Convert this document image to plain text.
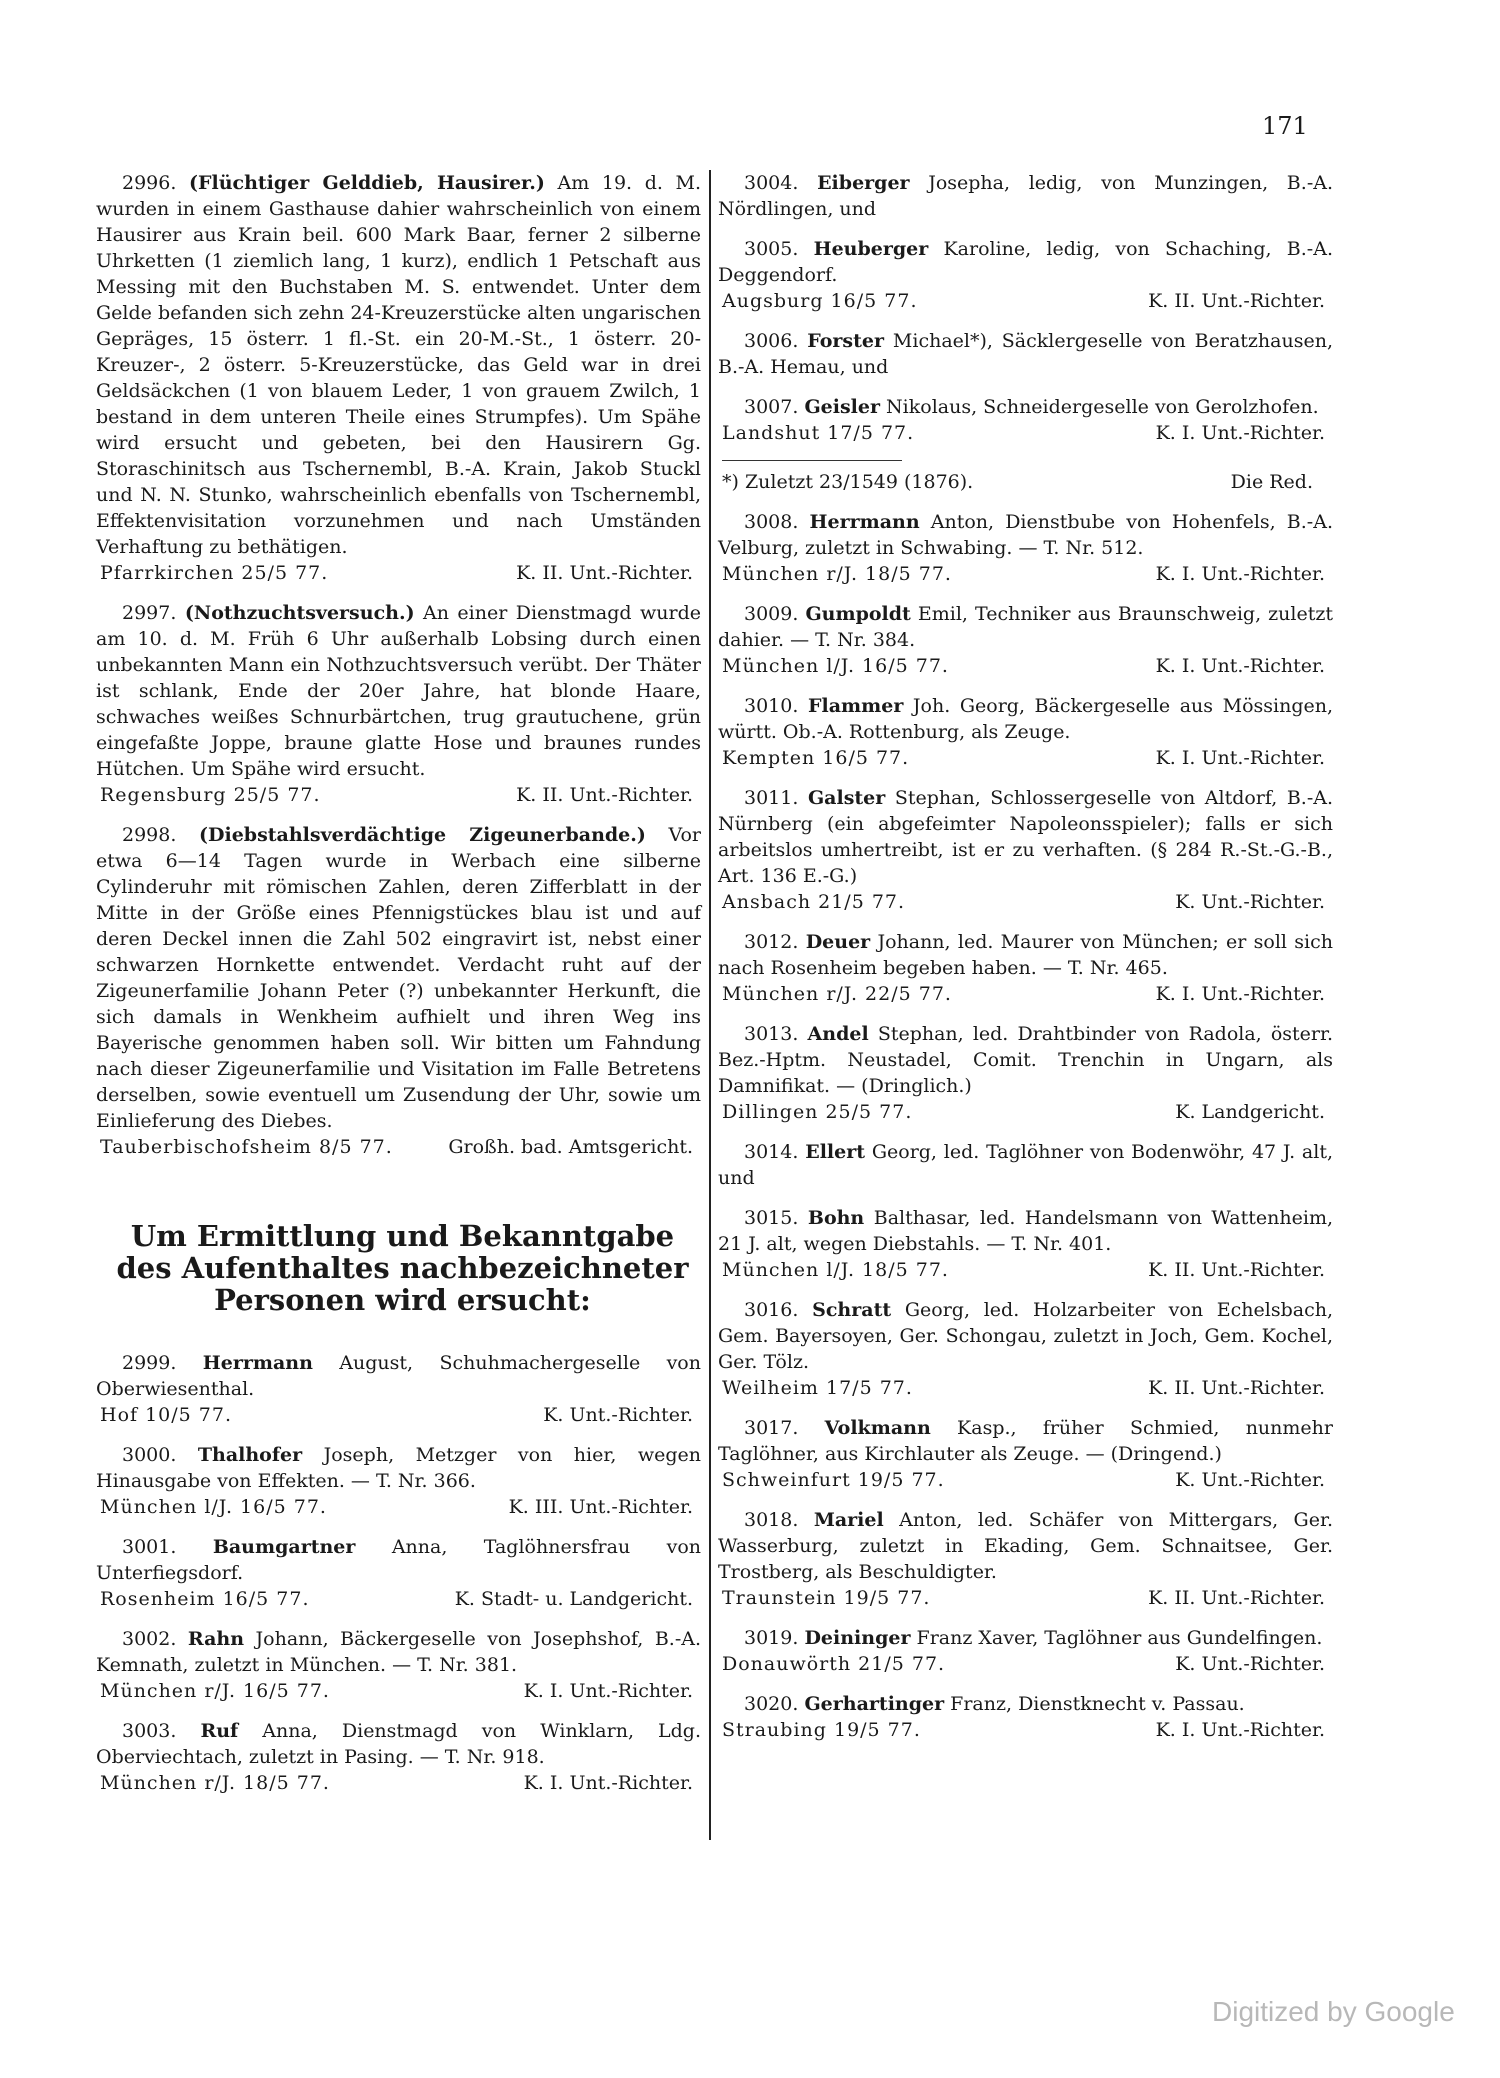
171
2996. (Flüchtiger Gelddieb, Hausirer.) Am 19. d. M. wurden in einem Gasthause dahier wahrscheinlich von einem Hausirer aus Krain beil. 600 Mark Baar, ferner 2 silberne Uhrketten (1 ziemlich lang, 1 kurz), endlich 1 Petschaft aus Messing mit den Buchstaben M. S. entwendet. Unter dem Gelde befanden sich zehn 24-Kreuzerstücke alten ungarischen Gepräges, 15 österr. 1 fl.-St. ein 20-M.-St., 1 österr. 20-Kreuzer-, 2 österr. 5-Kreuzerstücke, das Geld war in drei Geldsäckchen (1 von blauem Leder, 1 von grauem Zwilch, 1 bestand in dem unteren Theile eines Strumpfes). Um Spähe wird ersucht und gebeten, bei den Hausirern Gg. Storaschinitsch aus Tschernembl, B.-A. Krain, Jakob Stuckl und N. N. Stunko, wahrscheinlich ebenfalls von Tschernembl, Effektenvisitation vorzunehmen und nach Umständen Verhaftung zu bethätigen.
Pfarrkirchen 25/5 77.	K. II. Unt.-Richter.
2997. (Nothzuchtsversuch.) An einer Dienstmagd wurde am 10. d. M. Früh 6 Uhr außerhalb Lobsing durch einen unbekannten Mann ein Nothzuchtsversuch verübt. Der Thäter ist schlank, Ende der 20er Jahre, hat blonde Haare, schwaches weißes Schnurbärtchen, trug grautuchene, grün eingefaßte Joppe, braune glatte Hose und braunes rundes Hütchen. Um Spähe wird ersucht.
Regensburg 25/5 77.	K. II. Unt.-Richter.
2998. (Diebstahlsverdächtige Zigeunerbande.) Vor etwa 6—14 Tagen wurde in Werbach eine silberne Cylinderuhr mit römischen Zahlen, deren Zifferblatt in der Mitte in der Größe eines Pfennigstückes blau ist und auf deren Deckel innen die Zahl 502 eingravirt ist, nebst einer schwarzen Hornkette entwendet. Verdacht ruht auf der Zigeunerfamilie Johann Peter (?) unbekannter Herkunft, die sich damals in Wenkheim aufhielt und ihren Weg ins Bayerische genommen haben soll. Wir bitten um Fahndung nach dieser Zigeunerfamilie und Visitation im Falle Betretens derselben, sowie eventuell um Zusendung der Uhr, sowie um Einlieferung des Diebes.
Tauberbischofsheim 8/5 77.	Großh. bad. Amtsgericht.
Um Ermittlung und Bekanntgabe des Aufenthaltes nachbezeichneter Personen wird ersucht:
2999. Herrmann August, Schuhmachergeselle von Oberwiesenthal.
Hof 10/5 77.	K. Unt.-Richter.
3000. Thalhofer Joseph, Metzger von hier, wegen Hinausgabe von Effekten. — T. Nr. 366.
München l/J. 16/5 77.	K. III. Unt.-Richter.
3001. Baumgartner Anna, Taglöhnersfrau von Unterfiegsdorf.
Rosenheim 16/5 77.	K. Stadt- u. Landgericht.
3002. Rahn Johann, Bäckergeselle von Josephshof, B.-A. Kemnath, zuletzt in München. — T. Nr. 381.
München r/J. 16/5 77.	K. I. Unt.-Richter.
3003. Ruf Anna, Dienstmagd von Winklarn, Ldg. Oberviechtach, zuletzt in Pasing. — T. Nr. 918.
München r/J. 18/5 77.	K. I. Unt.-Richter.
3004. Eiberger Josepha, ledig, von Munzingen, B.-A. Nördlingen, und
3005. Heuberger Karoline, ledig, von Schaching, B.-A. Deggendorf.
Augsburg 16/5 77.	K. II. Unt.-Richter.
3006. Forster Michael*), Säcklergeselle von Beratzhausen, B.-A. Hemau, und
3007. Geisler Nikolaus, Schneidergeselle von Gerolzhofen.
Landshut 17/5 77.	K. I. Unt.-Richter.
*) Zuletzt 23/1549 (1876).	Die Red.
3008. Herrmann Anton, Dienstbube von Hohenfels, B.-A. Velburg, zuletzt in Schwabing. — T. Nr. 512.
München r/J. 18/5 77.	K. I. Unt.-Richter.
3009. Gumpoldt Emil, Techniker aus Braunschweig, zuletzt dahier. — T. Nr. 384.
München l/J. 16/5 77.	K. I. Unt.-Richter.
3010. Flammer Joh. Georg, Bäckergeselle aus Mössingen, württ. Ob.-A. Rottenburg, als Zeuge.
Kempten 16/5 77.	K. I. Unt.-Richter.
3011. Galster Stephan, Schlossergeselle von Altdorf, B.-A. Nürnberg (ein abgefeimter Napoleonsspieler); falls er sich arbeitslos umhertreibt, ist er zu verhaften. (§ 284 R.-St.-G.-B., Art. 136 E.-G.)
Ansbach 21/5 77.	K. Unt.-Richter.
3012. Deuer Johann, led. Maurer von München; er soll sich nach Rosenheim begeben haben. — T. Nr. 465.
München r/J. 22/5 77.	K. I. Unt.-Richter.
3013. Andel Stephan, led. Drahtbinder von Radola, österr. Bez.-Hptm. Neustadel, Comit. Trenchin in Ungarn, als Damnifikat. — (Dringlich.)
Dillingen 25/5 77.	K. Landgericht.
3014. Ellert Georg, led. Taglöhner von Bodenwöhr, 47 J. alt, und
3015. Bohn Balthasar, led. Handelsmann von Wattenheim, 21 J. alt, wegen Diebstahls. — T. Nr. 401.
München l/J. 18/5 77.	K. II. Unt.-Richter.
3016. Schratt Georg, led. Holzarbeiter von Echelsbach, Gem. Bayersoyen, Ger. Schongau, zuletzt in Joch, Gem. Kochel, Ger. Tölz.
Weilheim 17/5 77.	K. II. Unt.-Richter.
3017. Volkmann Kasp., früher Schmied, nunmehr Taglöhner, aus Kirchlauter als Zeuge. — (Dringend.)
Schweinfurt 19/5 77.	K. Unt.-Richter.
3018. Mariel Anton, led. Schäfer von Mittergars, Ger. Wasserburg, zuletzt in Ekading, Gem. Schnaitsee, Ger. Trostberg, als Beschuldigter.
Traunstein 19/5 77.	K. II. Unt.-Richter.
3019. Deininger Franz Xaver, Taglöhner aus Gundelfingen.
Donauwörth 21/5 77.	K. Unt.-Richter.
3020. Gerhartinger Franz, Dienstknecht v. Passau.
Straubing 19/5 77.	K. I. Unt.-Richter.
Digitized by Google
